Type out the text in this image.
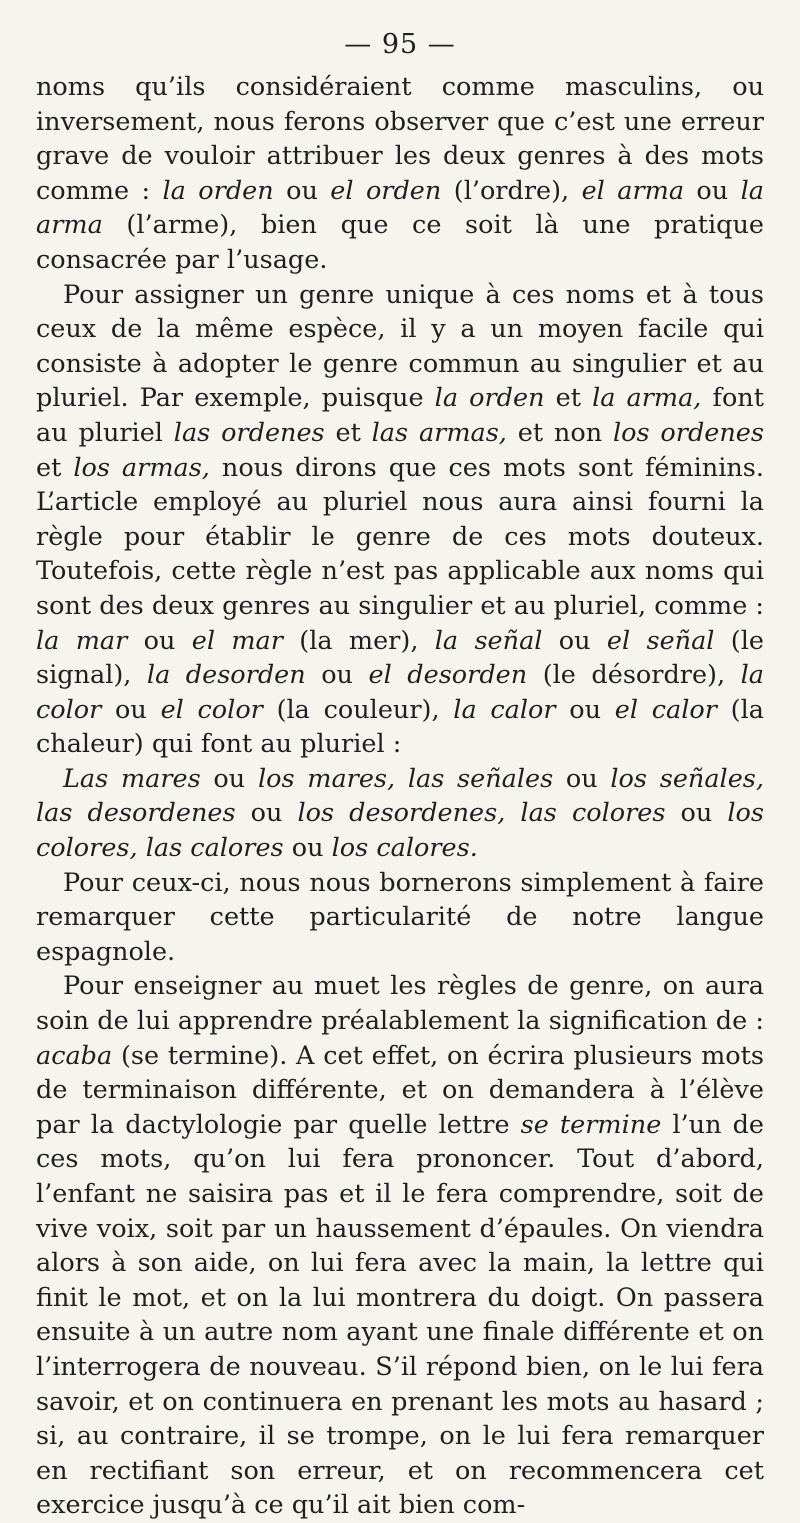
— 95 —

noms qu’ils considéraient comme masculins, ou inversement, nous ferons observer que c’est une erreur grave de vouloir attribuer les deux genres à des mots comme : la orden ou el orden (l’ordre), el arma ou la arma (l’arme), bien que ce soit là une pratique consacrée par l’usage.

Pour assigner un genre unique à ces noms et à tous ceux de la même espèce, il y a un moyen facile qui consiste à adopter le genre commun au singulier et au pluriel. Par exemple, puisque la orden et la arma, font au pluriel las ordenes et las armas, et non los ordenes et los armas, nous dirons que ces mots sont féminins. L’article employé au pluriel nous aura ainsi fourni la règle pour établir le genre de ces mots douteux. Toutefois, cette règle n’est pas applicable aux noms qui sont des deux genres au singulier et au pluriel, comme : la mar ou el mar (la mer), la señal ou el señal (le signal), la desorden ou el desorden (le désordre), la color ou el color (la couleur), la calor ou el calor (la chaleur) qui font au pluriel :

Las mares ou los mares, las señales ou los señales, las desordenes ou los desordenes, las colores ou los colores, las calores ou los calores.

Pour ceux-ci, nous nous bornerons simplement à faire remarquer cette particularité de notre langue espagnole.

Pour enseigner au muet les règles de genre, on aura soin de lui apprendre préalablement la signification de : acaba (se termine). A cet effet, on écrira plusieurs mots de terminaison différente, et on demandera à l’élève par la dactylologie par quelle lettre se termine l’un de ces mots, qu’on lui fera prononcer. Tout d’abord, l’enfant ne saisira pas et il le fera comprendre, soit de vive voix, soit par un haussement d’épaules. On viendra alors à son aide, on lui fera avec la main, la lettre qui finit le mot, et on la lui montrera du doigt. On passera ensuite à un autre nom ayant une finale différente et on l’interrogera de nouveau. S’il répond bien, on le lui fera savoir, et on continuera en prenant les mots au hasard ; si, au contraire, il se trompe, on le lui fera remarquer en rectifiant son erreur, et on recommencera cet exercice jusqu’à ce qu’il ait bien com-
